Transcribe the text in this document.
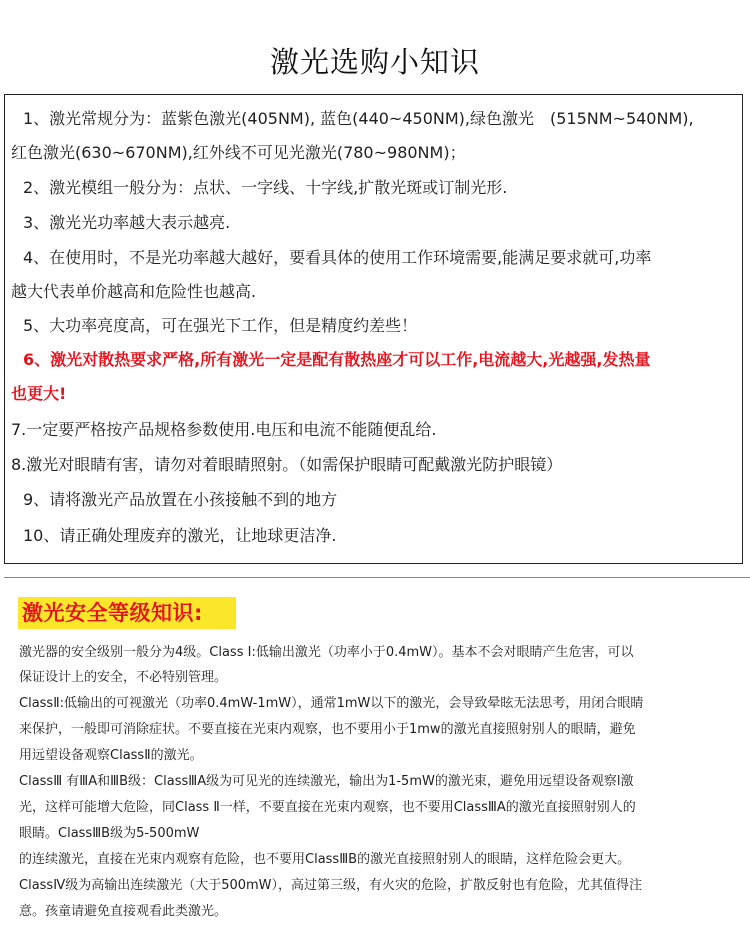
激光选购小知识
1、激光常规分为：蓝紫色激光(405NM), 蓝色(440~450NM),绿色激光　(515NM~540NM),
红色激光(630~670NM),红外线不可见光激光(780~980NM)；
2、激光模组一般分为：点状、一字线、十字线,扩散光斑或订制光形.
3、激光光功率越大表示越亮.
4、在使用时，不是光功率越大越好，要看具体的使用工作环境需要,能满足要求就可,功率
越大代表单价越高和危险性也越高.
5、大功率亮度高，可在强光下工作，但是精度约差些！
6、激光对散热要求严格,所有激光一定是配有散热座才可以工作,电流越大,光越强,发热量
也更大!
7.一定要严格按产品规格参数使用.电压和电流不能随便乱给.
8.激光对眼睛有害，请勿对着眼睛照射。（如需保护眼睛可配戴激光防护眼镜）
9、请将激光产品放置在小孩接触不到的地方
10、请正确处理废弃的激光，让地球更洁净.
激光安全等级知识:
激光器的安全级别一般分为4级。Class Ⅰ:低输出激光（功率小于0.4mW）。基本不会对眼睛产生危害，可以
保证设计上的安全，不必特别管理。
ClassⅡ:低输出的可视激光（功率0.4mW-1mW），通常1mW以下的激光，会导致晕眩无法思考，用闭合眼睛
来保护，一般即可消除症状。不要直接在光束内观察，也不要用小于1mw的激光直接照射别人的眼睛，避免
用远望设备观察ClassⅡ的激光。
ClassⅢ 有ⅢA和ⅢB级：ClassⅢA级为可见光的连续激光，输出为1-5mW的激光束，避免用远望设备观察l激
光，这样可能增大危险，同Class Ⅱ一样，不要直接在光束内观察，也不要用ClassⅢA的激光直接照射别人的
眼睛。ClassⅢB级为5-500mW
的连续激光，直接在光束内观察有危险，也不要用ClassⅢB的激光直接照射别人的眼睛，这样危险会更大。
ClassⅣ级为高输出连续激光（大于500mW），高过第三级，有火灾的危险，扩散反射也有危险，尤其值得注
意。孩童请避免直接观看此类激光。
